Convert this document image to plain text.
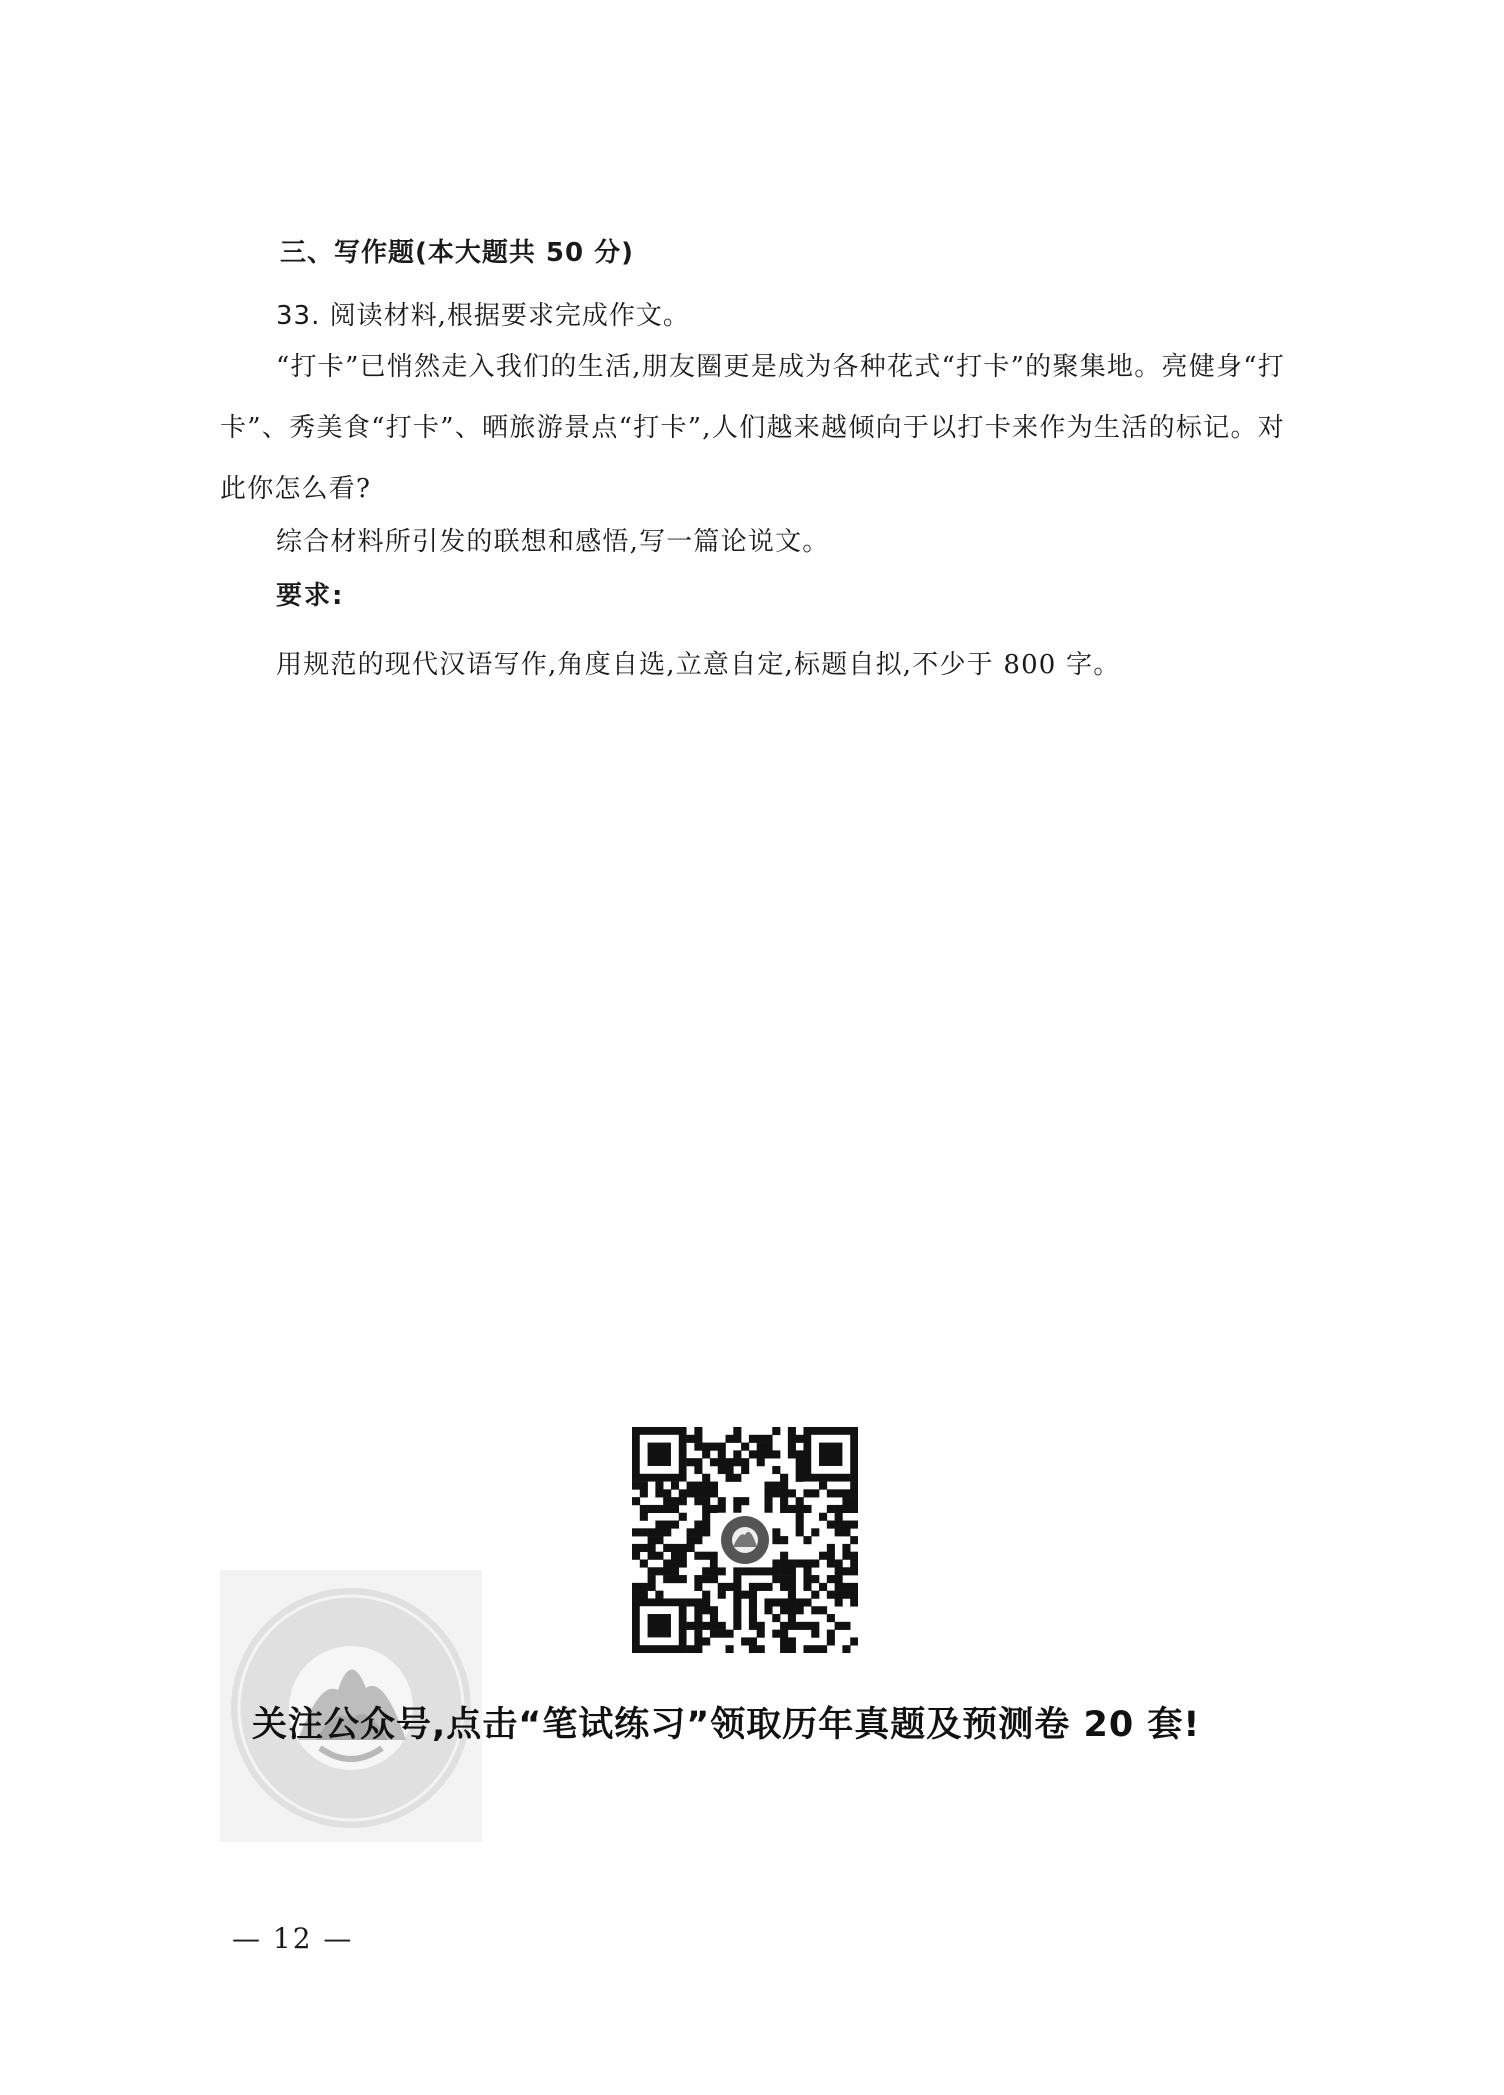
三、写作题(本大题共 50 分)
33. 阅读材料,根据要求完成作文。
“打卡”已悄然走入我们的生活,朋友圈更是成为各种花式“打卡”的聚集地。亮健身“打卡”、秀美食“打卡”、晒旅游景点“打卡”,人们越来越倾向于以打卡来作为生活的标记。对此你怎么看?
综合材料所引发的联想和感悟,写一篇论说文。
要求:
用规范的现代汉语写作,角度自选,立意自定,标题自拟,不少于 800 字。
关注公众号,点击“笔试练习”领取历年真题及预测卷 20 套!
— 12 —
